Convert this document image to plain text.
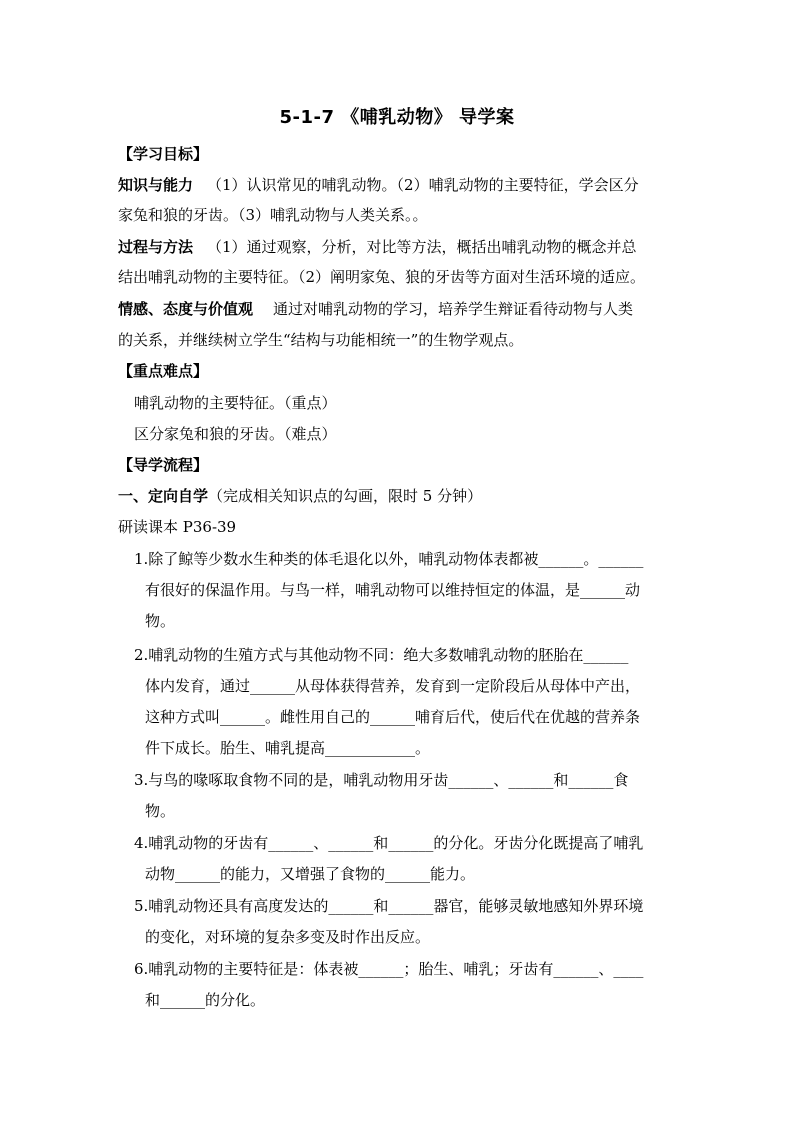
5-1-7 《哺乳动物》 导学案
【学习目标】
知识与能力 （1）认识常见的哺乳动物。（2）哺乳动物的主要特征，学会区分
家兔和狼的牙齿。（3）哺乳动物与人类关系。。
过程与方法 （1）通过观察，分析，对比等方法，概括出哺乳动物的概念并总
结出哺乳动物的主要特征。（2）阐明家兔、狼的牙齿等方面对生活环境的适应。
情感、态度与价值观 通过对哺乳动物的学习，培养学生辩证看待动物与人类
的关系，并继续树立学生“结构与功能相统一”的生物学观点。
【重点难点】
哺乳动物的主要特征。（重点）
区分家兔和狼的牙齿。（难点）
【导学流程】
一、定向自学（完成相关知识点的勾画，限时 5 分钟）
研读课本 P36-39
1.除了鲸等少数水生种类的体毛退化以外，哺乳动物体表都被______。______
有很好的保温作用。与鸟一样，哺乳动物可以维持恒定的体温，是______动
物。
2.哺乳动物的生殖方式与其他动物不同：绝大多数哺乳动物的胚胎在______
体内发育，通过______从母体获得营养，发育到一定阶段后从母体中产出，
这种方式叫______。雌性用自己的______哺育后代，使后代在优越的营养条
件下成长。胎生、哺乳提高____________。
3.与鸟的喙啄取食物不同的是，哺乳动物用牙齿______、______和______食
物。
4.哺乳动物的牙齿有______、______和______的分化。牙齿分化既提高了哺乳
动物______的能力，又增强了食物的______能力。
5.哺乳动物还具有高度发达的______和______器官，能够灵敏地感知外界环境
的变化，对环境的复杂多变及时作出反应。
6.哺乳动物的主要特征是：体表被______；胎生、哺乳；牙齿有______、____
和______的分化。
